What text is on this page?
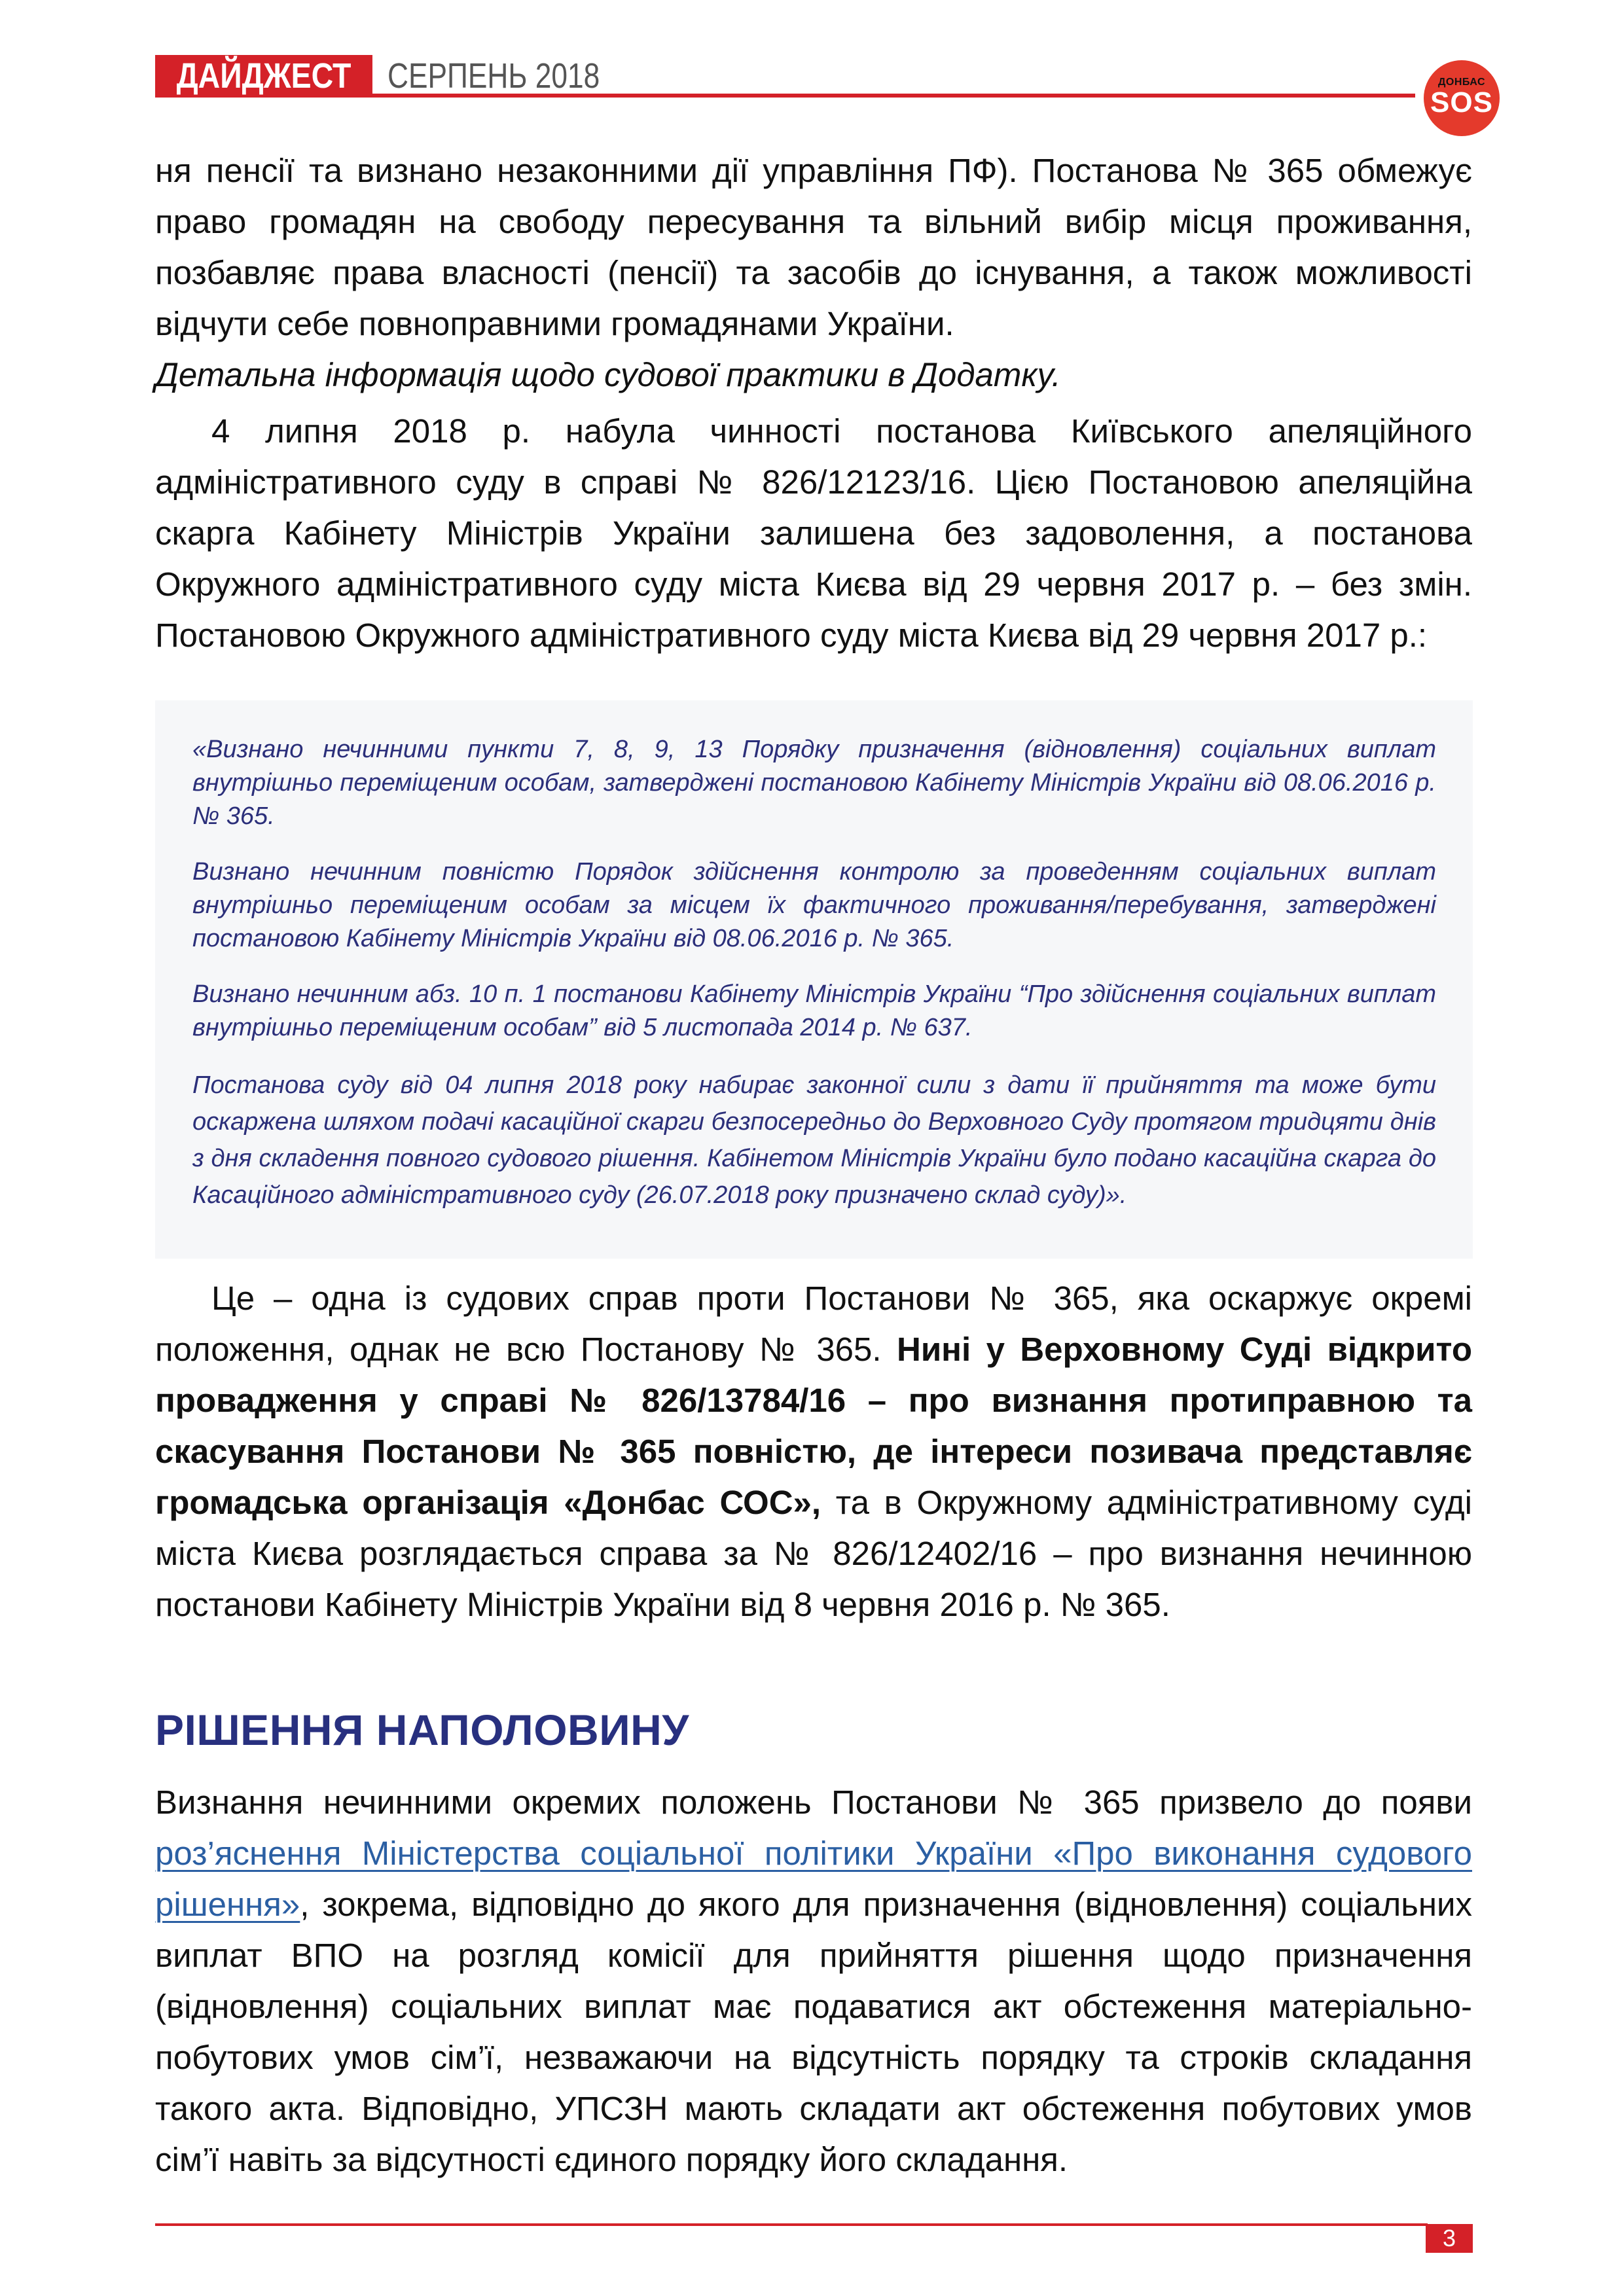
ДАЙДЖЕСТ	СЕРПЕНЬ 2018	ДОНБАС
SOS
ня пенсії та визнано незаконними дії управління ПФ). Постанова № 365 обмежує право громадян на свободу пересування та вільний вибір місця проживання, позбавляє права власності (пенсії) та засобів до існування, а також можливості відчути себе повноправними громадянами України.
Детальна інформація щодо судової практики в Додатку.
4 липня 2018 р. набула чинності постанова Київського апеляційного адміністративного суду в справі № 826/12123/16. Цією Постановою апеляційна скарга Кабінету Міністрів України залишена без задоволення, а постанова Окружного адміністративного суду міста Києва від 29 червня 2017 р. – без змін. Постановою Окружного адміністративного суду міста Києва від 29 червня 2017 р.:
«Визнано нечинними пункти 7, 8, 9, 13 Порядку призначення (відновлення) соціальних виплат внутрішньо переміщеним особам, затверджені постановою Кабінету Міністрів України від 08.06.2016 р. № 365.
Визнано нечинним повністю Порядок здійснення контролю за проведенням соціальних виплат внутрішньо переміщеним особам за місцем їх фактичного проживання/перебування, затверджені постановою Кабінету Міністрів України від 08.06.2016 р. № 365.
Визнано нечинним абз. 10 п. 1 постанови Кабінету Міністрів України “Про здійснення соціальних виплат внутрішньо переміщеним особам” від 5 листопада 2014 р. № 637.
Постанова суду від 04 липня 2018 року набирає законної сили з дати її прийняття та може бути оскаржена шляхом подачі касаційної скарги безпосередньо до Верховного Суду протягом тридцяти днів з дня складення повного судового рішення. Кабінетом Міністрів України було подано касаційна скарга до Касаційного адміністративного суду (26.07.2018 року призначено склад суду)».
Це – одна із судових справ проти Постанови № 365, яка оскаржує окремі положення, однак не всю Постанову № 365. Нині у Верховному Суді відкрито провадження у справі № 826/13784/16 – про визнання протиправною та скасування Постанови № 365 повністю, де інтереси позивача представляє громадська організація «Донбас СОС», та в Окружному адміністративному суді міста Києва розглядається справа за № 826/12402/16 – про визнання нечинною постанови Кабінету Міністрів України від 8 червня 2016 р. № 365.
РІШЕННЯ НАПОЛОВИНУ
Визнання нечинними окремих положень Постанови № 365 призвело до появи роз’яснення Міністерства соціальної політики України «Про виконання судового рішення», зокрема, відповідно до якого для призначення (відновлення) соціальних виплат ВПО на розгляд комісії для прийняття рішення щодо призначення (відновлення) соціальних виплат має подаватися акт обстеження матеріально-побутових умов сім’ї, незважаючи на відсутність порядку та строків складання такого акта. Відповідно, УПСЗН мають складати акт обстеження побутових умов сім’ї навіть за відсутності єдиного порядку його складання.
3
